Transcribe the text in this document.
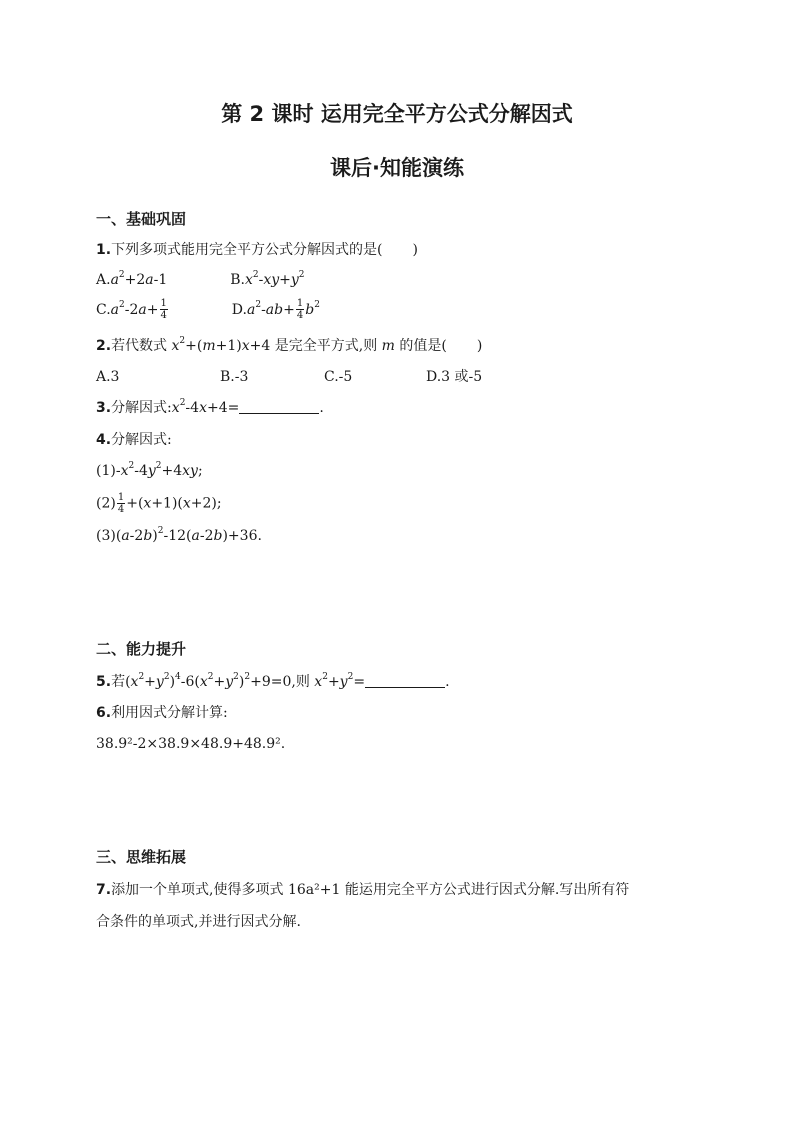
第 2 课时 运用完全平方公式分解因式
课后·知能演练
一、基础巩固
1.下列多项式能用完全平方公式分解因式的是( )
$A.a^2+2a-1$	$B.x^2-xy+y^2$
$C.a^2-2a+ \frac{1}{4}$	$D.a^2-ab+ \frac{1}{4} b^2$
2.若代数式 $x^2+(m+1)x+4$ 是完全平方式,则 m 的值是( )
A.3	B.-3	C.-5	D.3 或-5
3.分解因式$:x^2-4x+4=$	.
4.分解因式:
$(1)-x^2-4y^2+4xy$;
$(2) \frac{1}{4} +(x+1)(x+2)$;
$(3)(a-2b)^2-12(a-2b)+36$.
二、能力提升
5.若$(x^2+y^2)^4-6(x^2+y^2)^2+9=0$,则 $x^2+y^2=$	.
6.利用因式分解计算:
38.9²-2×38.9×48.9+48.9².
三、思维拓展
7.添加一个单项式,使得多项式 16a²+1 能运用完全平方公式进行因式分解.写出所有符
合条件的单项式,并进行因式分解.
